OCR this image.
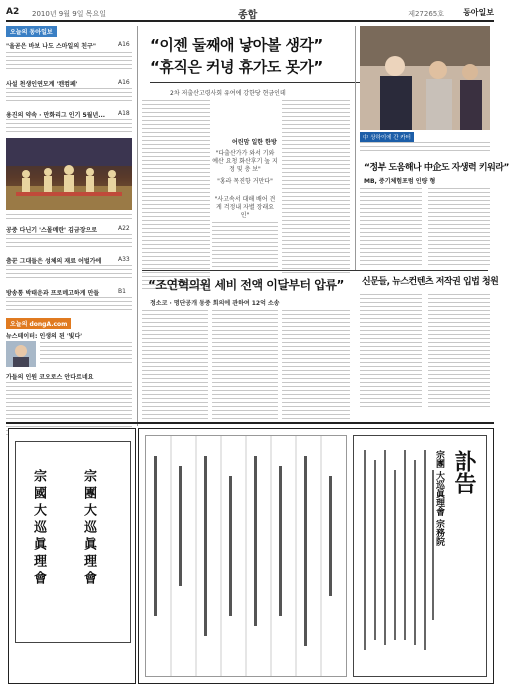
A2 2010년 9월 9일 목요일	종합	제27265호 동아일보
오늘의 동아일보
"올곧은 바보 나도 스마일의 친구"	A16
사설 천생인연모계 '캔컴페'	A16
용진의 약속 · 만화리그 인기 5월년...	A18
공중 다닌기 '스몰메란' 김금장으로	A22
춤꾼 그대들은 성체의 재료 어벌가에	A33
방송통 박태운과 프로메고하게 만들	B1
오늘의 dongA.com
뉴스테이터: 인생의 된 '빛다'
가들의 인원 코오로스 안다르네요
“이젠 둘째애 낳아볼 생각”
“휴직은 커녕 휴가도 못가”
2차 저출산고령사회 유여에 강한당 현금인데
어린맘 일한 한방
"다출산가가 와서 기와 예산 요청 화산후기 높 지정 및 충 보"
"홍라 목진항 거만다"
"사고속서 대해 배어 견게 걱정내 자별 장래요인"
“조연혁의원 세비 전액 이달부터 압류”
정소코 · 명단공개 동중 회의에 관하여 12억 소송
中 상하이에 간 카터
“정부 도움해나 中企도 자생력 키워라”
MB, 중기체험포럼 인량 형
신문들, 뉴스컨텐츠 저작권 입법 청원
宗國大巡眞理會
宗團大巡眞理會
訃告
宗團 大巡眞理會 宗務院
